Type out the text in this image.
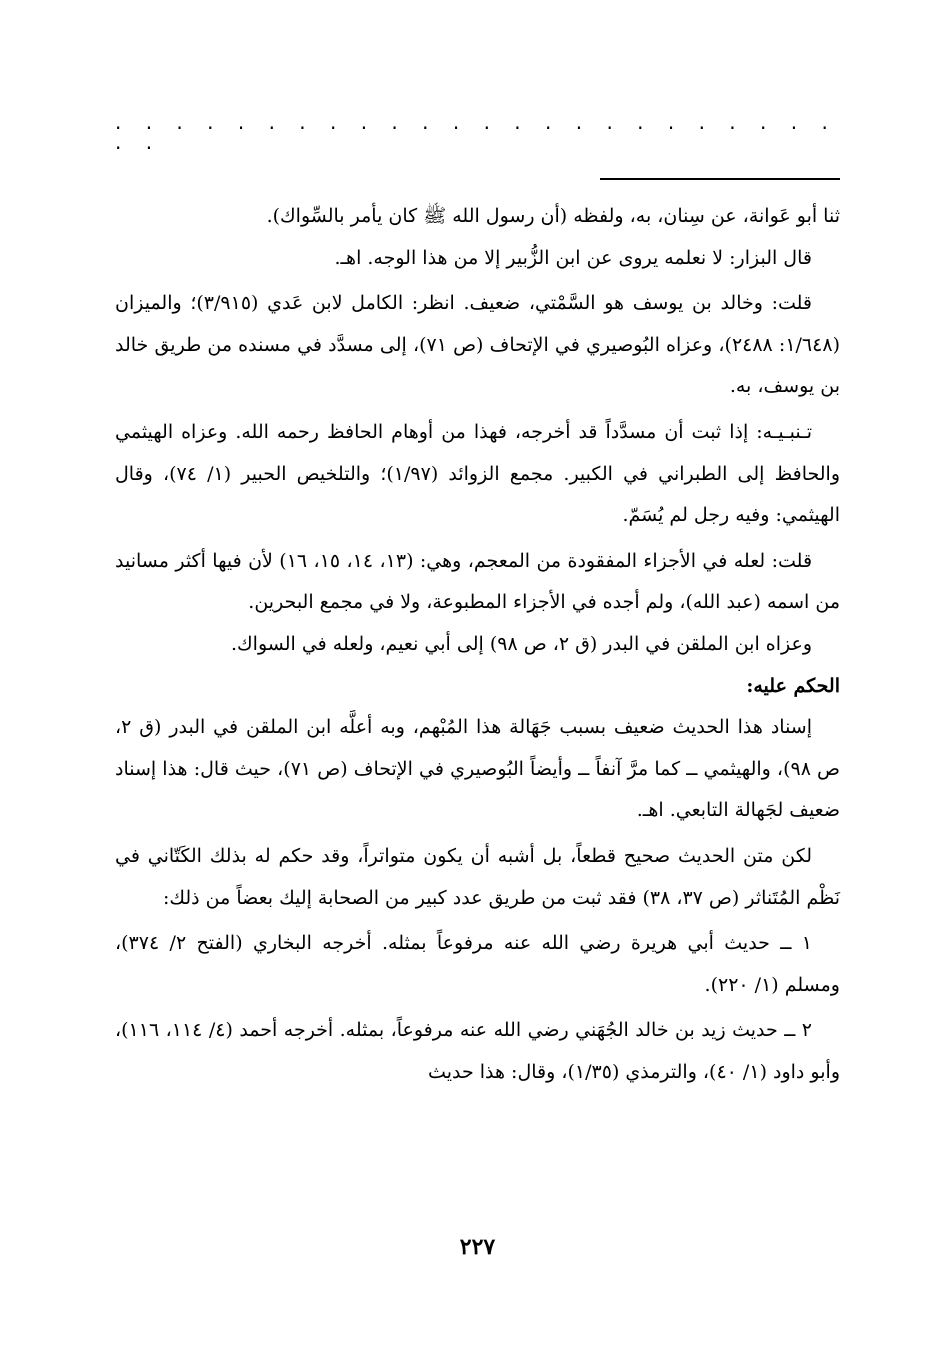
. . . . . . . . . . . . . . . . . . . . . . . . . .

ثنا أبو عَوانة، عن سِنان، به، ولفظه (أن رسول الله ﷺ كان يأمر بالسِّواك).

قال البزار: لا نعلمه يروى عن ابن الزُّبير إلا من هذا الوجه. اهـ.

قلت: وخالد بن يوسف هو السَّمْتي، ضعيف. انظر: الكامل لابن عَدي (٣/٩١٥)؛ والميزان (١/٦٤٨: ٢٤٨٨)، وعزاه البُوصيري في الإتحاف (ص ٧١)، إلى مسدَّد في مسنده من طريق خالد بن يوسف، به.

تـنبـيـه: إذا ثبت أن مسدَّداً قد أخرجه، فهذا من أوهام الحافظ رحمه الله. وعزاه الهيثمي والحافظ إلى الطبراني في الكبير. مجمع الزوائد (١/٩٧)؛ والتلخيص الحبير (١/ ٧٤)، وقال الهيثمي: وفيه رجل لم يُسَمّ.

قلت: لعله في الأجزاء المفقودة من المعجم، وهي: (١٣، ١٤، ١٥، ١٦) لأن فيها أكثر مسانيد من اسمه (عبد الله)، ولم أجده في الأجزاء المطبوعة، ولا في مجمع البحرين.

وعزاه ابن الملقن في البدر (ق ٢، ص ٩٨) إلى أبي نعيم، ولعله في السواك.

الحكم عليه:

إسناد هذا الحديث ضعيف بسبب جَهَالة هذا المُبْهم، وبه أعلَّه ابن الملقن في البدر (ق ٢، ص ٩٨)، والهيثمي ــ كما مرَّ آنفاً ــ وأيضاً البُوصيري في الإتحاف (ص ٧١)، حيث قال: هذا إسناد ضعيف لجَهالة التابعي. اهـ.

لكن متن الحديث صحيح قطعاً، بل أشبه أن يكون متواتراً، وقد حكم له بذلك الكَتّاني في نَظْم المُتَناثر (ص ٣٧، ٣٨) فقد ثبت من طريق عدد كبير من الصحابة إليك بعضاً من ذلك:

١ ــ حديث أبي هريرة رضي الله عنه مرفوعاً بمثله. أخرجه البخاري (الفتح ٢/ ٣٧٤)، ومسلم (١/ ٢٢٠).

٢ ــ حديث زيد بن خالد الجُهَني رضي الله عنه مرفوعاً، بمثله. أخرجه أحمد (٤/ ١١٤، ١١٦)، وأبو داود (١/ ٤٠)، والترمذي (١/٣٥)، وقال: هذا حديث

٢٢٧
